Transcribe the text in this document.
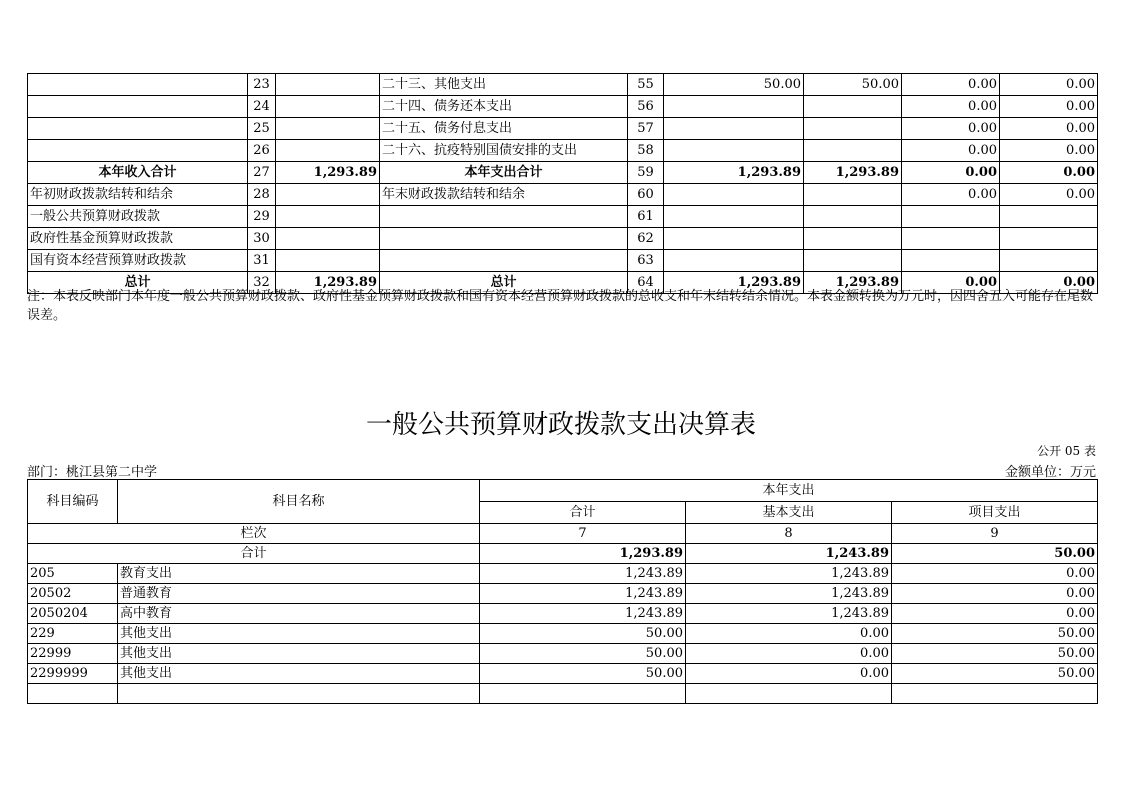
	23		二十三、其他支出	55	50.00	50.00	0.00	0.00
	24		二十四、债务还本支出	56			0.00	0.00
	25		二十五、债务付息支出	57			0.00	0.00
	26		二十六、抗疫特别国债安排的支出	58			0.00	0.00
本年收入合计	27	1,293.89	本年支出合计	59	1,293.89	1,293.89	0.00	0.00
年初财政拨款结转和结余	28		年末财政拨款结转和结余	60			0.00	0.00
一般公共预算财政拨款	29			61				
政府性基金预算财政拨款	30			62				
国有资本经营预算财政拨款	31			63				
总计	32	1,293.89	总计	64	1,293.89	1,293.89	0.00	0.00
注：本表反映部门本年度一般公共预算财政拨款、政府性基金预算财政拨款和国有资本经营预算财政拨款的总收支和年末结转结余情况。本表金额转换为万元时，因四舍五入可能存在尾数误差。
一般公共预算财政拨款支出决算表
公开 05 表
部门：桃江县第二中学	金额单位：万元
科目编码	科目名称	本年支出		
		合计	基本支出	项目支出
栏次		7	8	9
合计		1,293.89	1,243.89	50.00
205	教育支出	1,243.89	1,243.89	0.00
20502	普通教育	1,243.89	1,243.89	0.00
2050204	高中教育	1,243.89	1,243.89	0.00
229	其他支出	50.00	0.00	50.00
22999	其他支出	50.00	0.00	50.00
2299999	其他支出	50.00	0.00	50.00
